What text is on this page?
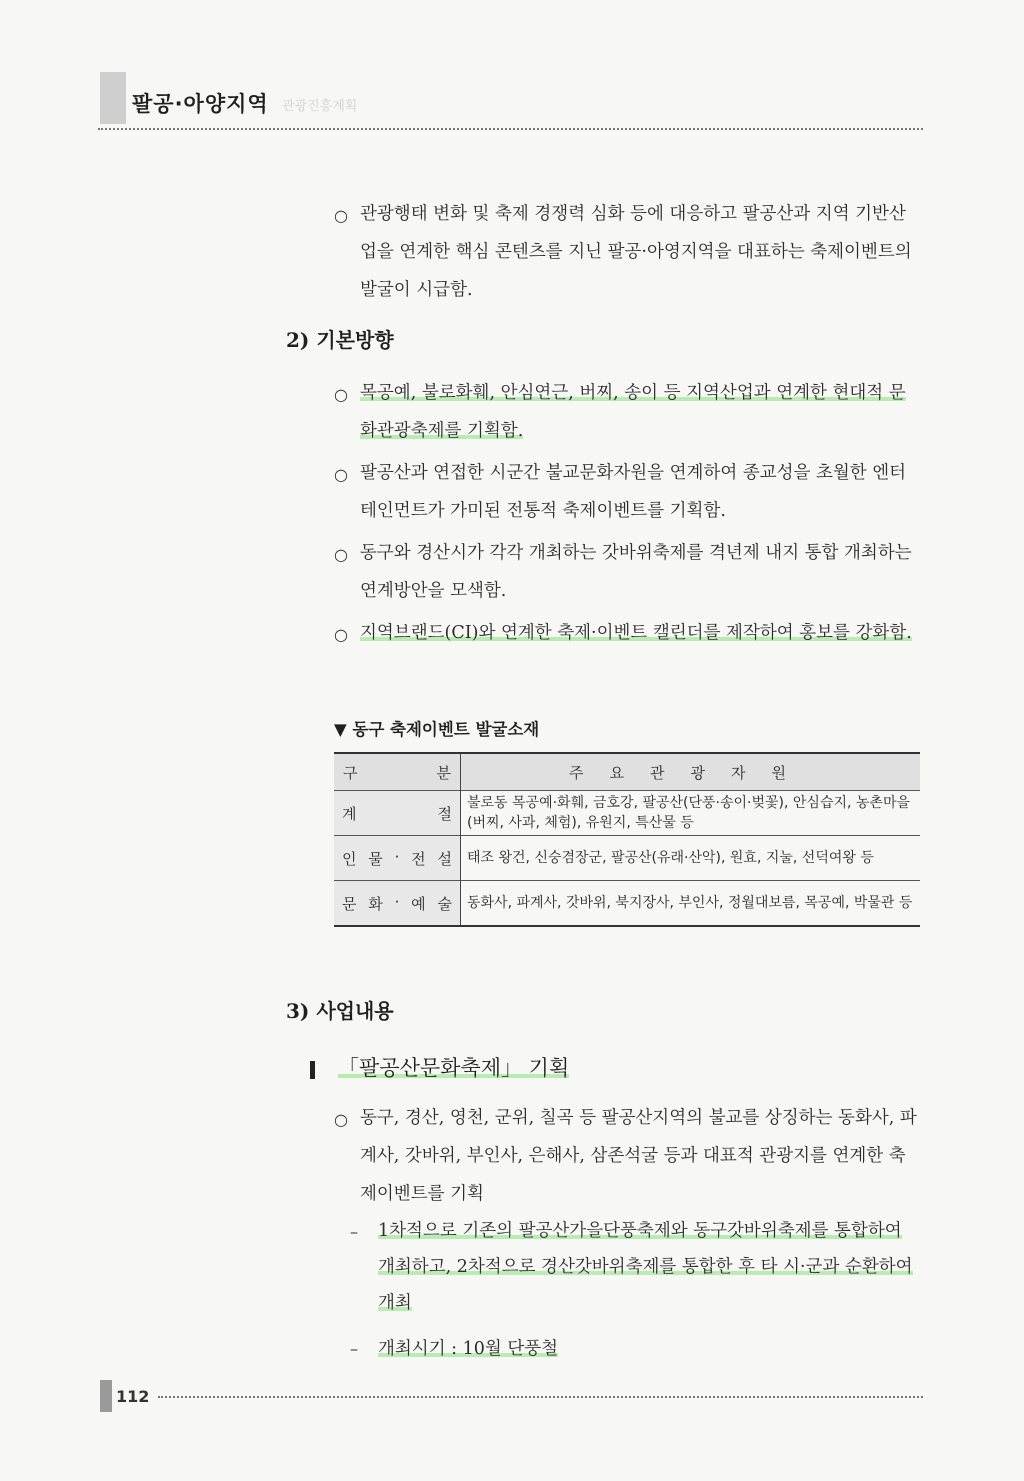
팔공·아양지역 관광진흥계획
○ 관광행태 변화 및 축제 경쟁력 심화 등에 대응하고 팔공산과 지역 기반산업을 연계한 핵심 콘텐츠를 지닌 팔공·아영지역을 대표하는 축제이벤트의 발굴이 시급함.
2) 기본방향
○ 목공예, 불로화훼, 안심연근, 버찌, 송이 등 지역산업과 연계한 현대적 문화관광축제를 기획함.
○ 팔공산과 연접한 시군간 불교문화자원을 연계하여 종교성을 초월한 엔터테인먼트가 가미된 전통적 축제이벤트를 기획함.
○ 동구와 경산시가 각각 개최하는 갓바위축제를 격년제 내지 통합 개최하는 연계방안을 모색함.
○ 지역브랜드(CI)와 연계한 축제·이벤트 캘린더를 제작하여 홍보를 강화함.
▼ 동구 축제이벤트 발굴소재
구 분	주요관광자원

계 절	불로동 목공예·화훼, 금호강, 팔공산(단풍·송이·벚꽃), 안심습지, 농촌마을(버찌, 사과, 체험), 유원지, 특산물 등

인 물 · 전 설	태조 왕건, 신숭겸장군, 팔공산(유래·산악), 원효, 지눌, 선덕여왕 등

문 화 · 예 술	동화사, 파계사, 갓바위, 북지장사, 부인사, 정월대보름, 목공예, 박물관 등
3) 사업내용
「팔공산문화축제」 기획
○ 동구, 경산, 영천, 군위, 칠곡 등 팔공산지역의 불교를 상징하는 동화사, 파계사, 갓바위, 부인사, 은해사, 삼존석굴 등과 대표적 관광지를 연계한 축제이벤트를 기획
– 1차적으로 기존의 팔공산가을단풍축제와 동구갓바위축제를 통합하여 개최하고, 2차적으로 경산갓바위축제를 통합한 후 타 시·군과 순환하여 개최
– 개최시기 : 10월 단풍철
112
